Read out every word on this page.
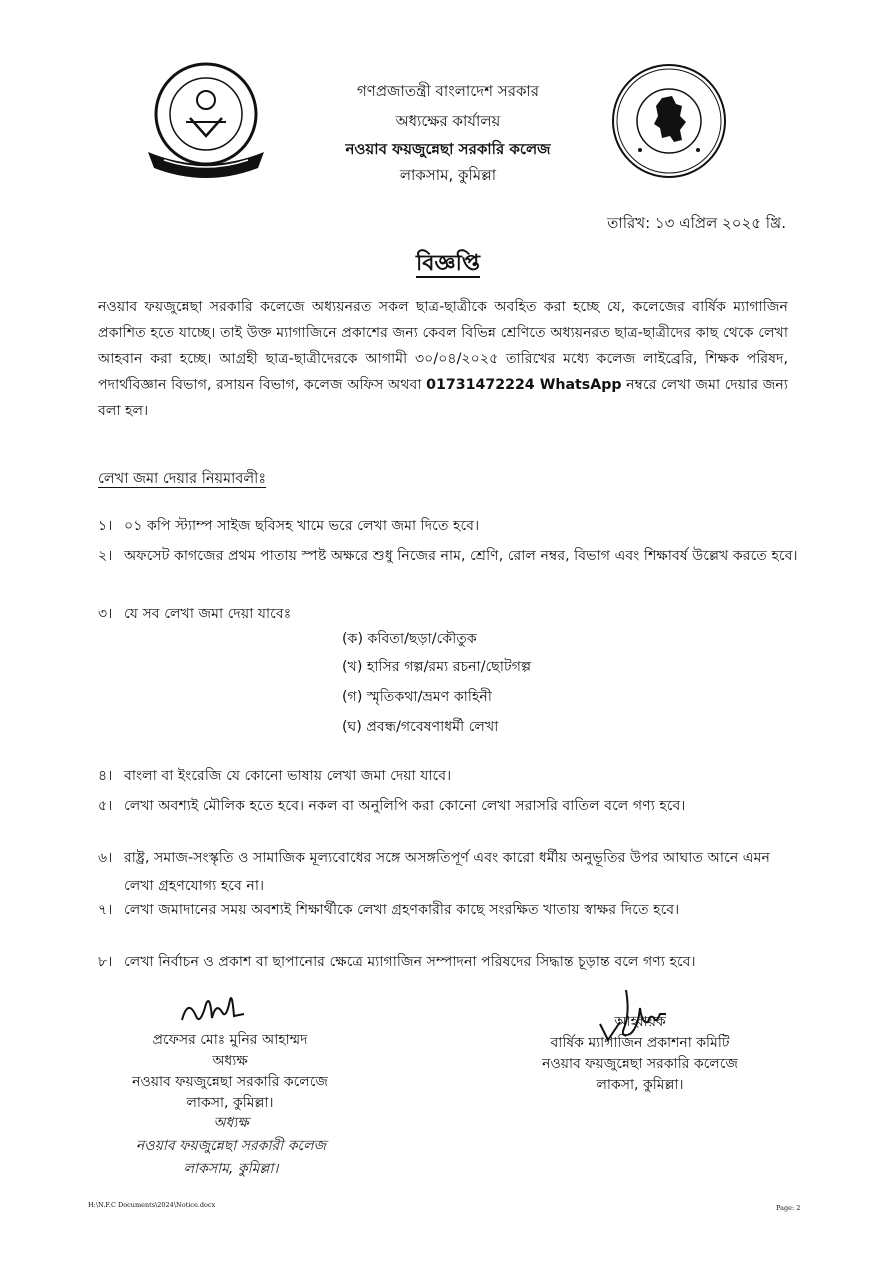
গণপ্রজাতন্ত্রী বাংলাদেশ সরকার
অধ্যক্ষের কার্যালয়
নওয়াব ফয়জুন্নেছা সরকারি কলেজ
লাকসাম, কুমিল্লা
তারিখ: ১৩ এপ্রিল ২০২৫ খ্রি.
বিজ্ঞপ্তি
নওয়াব ফয়জুন্নেছা সরকারি কলেজে অধ্যয়নরত সকল ছাত্র-ছাত্রীকে অবহিত করা হচ্ছে যে, কলেজের বার্ষিক ম্যাগাজিন প্রকাশিত হতে যাচ্ছে। তাই উক্ত ম্যাগাজিনে প্রকাশের জন্য কেবল বিভিন্ন শ্রেণিতে অধ্যয়নরত ছাত্র-ছাত্রীদের কাছ থেকে লেখা আহবান করা হচ্ছে। আগ্রহী ছাত্র-ছাত্রীদেরকে আগামী ৩০/০৪/২০২৫ তারিখের মধ্যে কলেজ লাইব্রেরি, শিক্ষক পরিষদ, পদার্থবিজ্ঞান বিভাগ, রসায়ন বিভাগ, কলেজ অফিস অথবা 01731472224 WhatsApp নম্বরে লেখা জমা দেয়ার জন্য বলা হল।
লেখা জমা দেয়ার নিয়মাবলীঃ
১। ০১ কপি স্ট্যাম্প সাইজ ছবিসহ খামে ভরে লেখা জমা দিতে হবে।
২। অফসেট কাগজের প্রথম পাতায় স্পষ্ট অক্ষরে শুধু নিজের নাম, শ্রেণি, রোল নম্বর, বিভাগ এবং শিক্ষাবর্ষ উল্লেখ করতে হবে।
৩। যে সব লেখা জমা দেয়া যাবেঃ
(ক) কবিতা/ছড়া/কৌতুক
(খ) হাসির গল্প/রম্য রচনা/ছোটগল্প
(গ) স্মৃতিকথা/ভ্রমণ কাহিনী
(ঘ) প্রবন্ধ/গবেষণাধর্মী লেখা
৪। বাংলা বা ইংরেজি যে কোনো ভাষায় লেখা জমা দেয়া যাবে।
৫। লেখা অবশ্যই মৌলিক হতে হবে। নকল বা অনুলিপি করা কোনো লেখা সরাসরি বাতিল বলে গণ্য হবে।
৬। রাষ্ট্র, সমাজ-সংস্কৃতি ও সামাজিক মূল্যবোধের সঙ্গে অসঙ্গতিপূর্ণ এবং কারো ধর্মীয় অনুভূতির উপর আঘাত আনে এমন লেখা গ্রহণযোগ্য হবে না।
৭। লেখা জমাদানের সময় অবশ্যই শিক্ষার্থীকে লেখা গ্রহণকারীর কাছে সংরক্ষিত খাতায় স্বাক্ষর দিতে হবে।
৮। লেখা নির্বাচন ও প্রকাশ বা ছাপানোর ক্ষেত্রে ম্যাগাজিন সম্পাদনা পরিষদের সিদ্ধান্ত চূড়ান্ত বলে গণ্য হবে।
প্রফেসর মোঃ মুনির আহাম্মদ
অধ্যক্ষ
নওয়াব ফয়জুন্নেছা সরকারি কলেজে
লাকসা, কুমিল্লা।
অধ্যক্ষ
নওয়াব ফয়জুন্নেছা সরকারী কলেজ
লাকসাম, কুমিল্লা।
আহ্বায়ক
বার্ষিক ম্যাগাজিন প্রকাশনা কমিটি
নওয়াব ফয়জুন্নেছা সরকারি কলেজে
লাকসা, কুমিল্লা।
H:\N.F.C Documents\2024\Notice.docx	Page: 2
